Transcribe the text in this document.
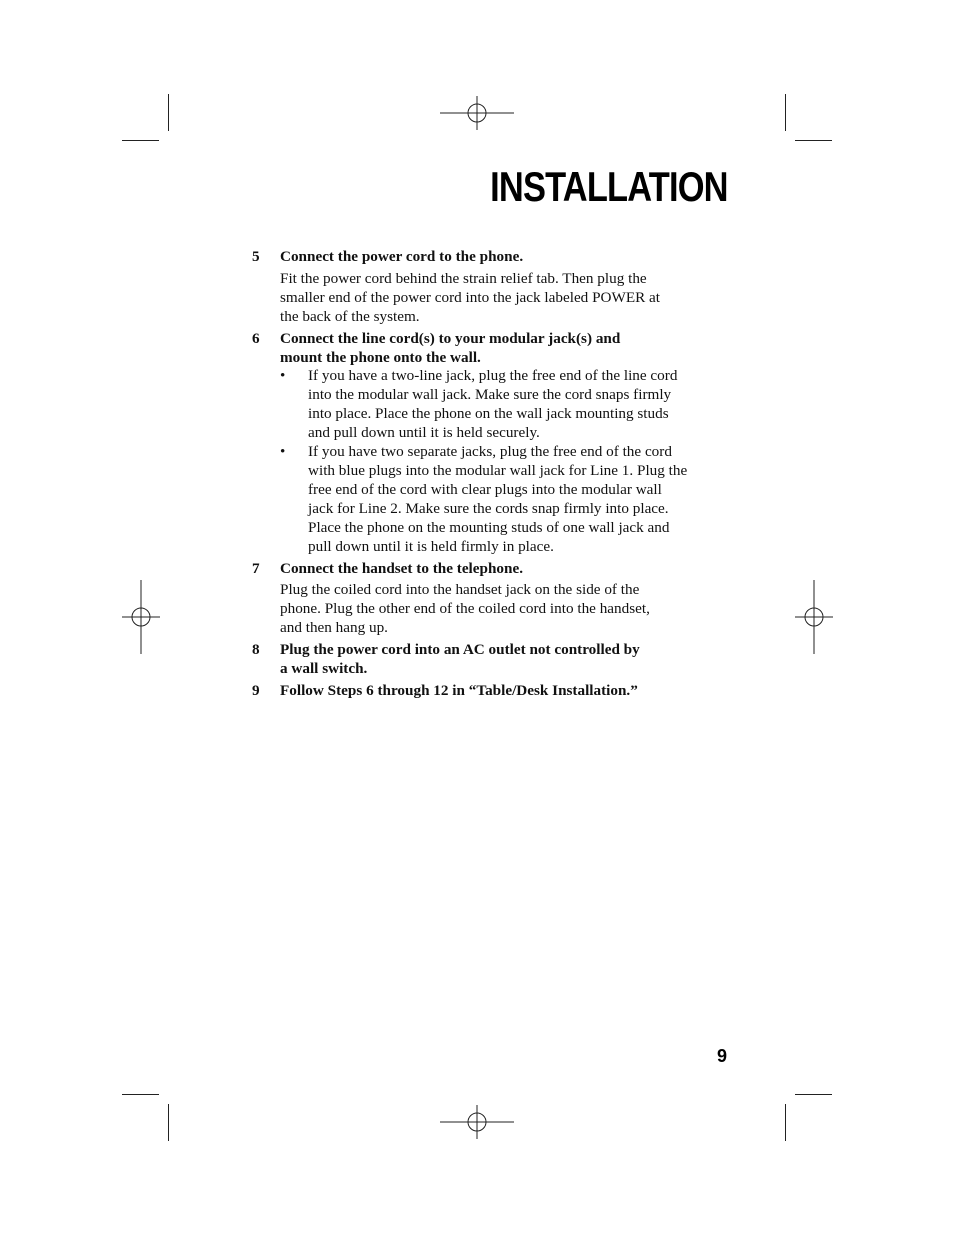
INSTALLATION
5 Connect the power cord to the phone.
Fit the power cord behind the strain relief tab. Then plug the
smaller end of the power cord into the jack labeled POWER at
the back of the system.
6 Connect the line cord(s) to your modular jack(s) and
mount the phone onto the wall.
• If you have a two-line jack, plug the free end of the line cord
into the modular wall jack. Make sure the cord snaps firmly
into place. Place the phone on the wall jack mounting studs
and pull down until it is held securely.
• If you have two separate jacks, plug the free end of the cord
with blue plugs into the modular wall jack for Line 1. Plug the
free end of the cord with clear plugs into the modular wall
jack for Line 2. Make sure the cords snap firmly into place.
Place the phone on the mounting studs of one wall jack and
pull down until it is held firmly in place.
7 Connect the handset to the telephone.
Plug the coiled cord into the handset jack on the side of the
phone. Plug the other end of the coiled cord into the handset,
and then hang up.
8 Plug the power cord into an AC outlet not controlled by
a wall switch.
9 Follow Steps 6 through 12 in “Table/Desk Installation.”
9
